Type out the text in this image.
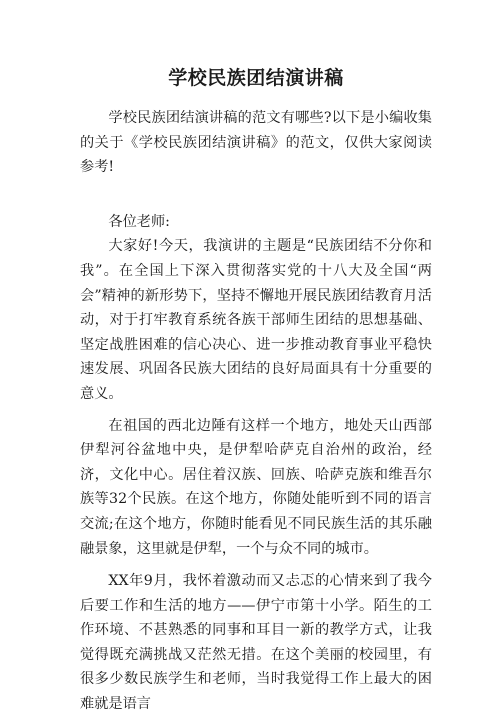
学校民族团结演讲稿

学校民族团结演讲稿的范文有哪些?以下是小编收集的关于《学校民族团结演讲稿》的范文，仅供大家阅读参考!

各位老师:

大家好!今天，我演讲的主题是“民族团结不分你和我”。在全国上下深入贯彻落实党的十八大及全国“两会”精神的新形势下，坚持不懈地开展民族团结教育月活动，对于打牢教育系统各族干部师生团结的思想基础、坚定战胜困难的信心决心、进一步推动教育事业平稳快速发展、巩固各民族大团结的良好局面具有十分重要的意义。

在祖国的西北边陲有这样一个地方，地处天山西部伊犁河谷盆地中央，是伊犁哈萨克自治州的政治，经济，文化中心。居住着汉族、回族、哈萨克族和维吾尔族等32个民族。在这个地方，你随处能听到不同的语言交流;在这个地方，你随时能看见不同民族生活的其乐融融景象，这里就是伊犁，一个与众不同的城市。

XX年9月，我怀着激动而又忐忑的心情来到了我今后要工作和生活的地方——伊宁市第十小学。陌生的工作环境、不甚熟悉的同事和耳目一新的教学方式，让我觉得既充满挑战又茫然无措。在这个美丽的校园里，有很多少数民族学生和老师，当时我觉得工作上最大的困难就是语言
